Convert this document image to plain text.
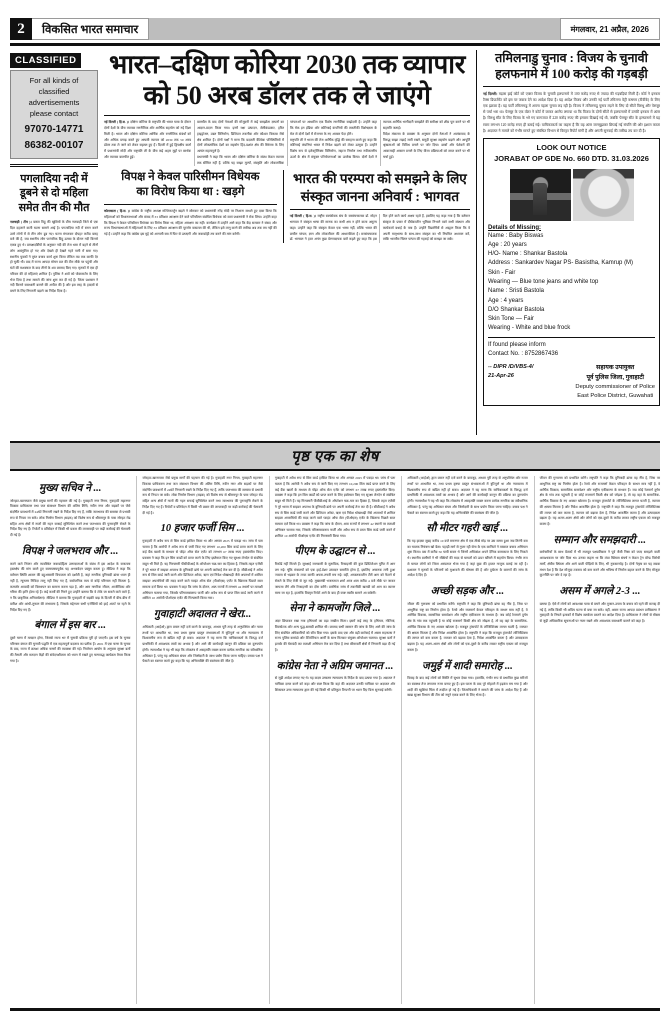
2	विकसित भारत समाचार	मंगलवार, 21 अप्रैल, 2026
CLASSIFIED
For all kinds of
classified
advertisements
please contact
97070-14771
86382-00107
पगलादिया नदी में डूबने से दो महिला समेत तीन की मौत
नलबाड़ी ( टीम )। बकरा विहू की खुशियों के बीच नलबाड़ी जिले से एक दिल दहलाने वाली घटना सामने आई है। पगलादिया नदी में स्नान करने उतरे लोगों में से तीन लोग डूब गए। घटना मंगलवार दोपहर करीब बारह बजे की है, जब स्थानीय लोग पारंपरिक बिहू उत्सव के दौरान नदी किनारे एकत्र हुए थे। प्रत्यक्षदर्शियों के अनुसार नदी की तेज धारा में बहने से तीनों लोग असंतुलित हो गए और देखते ही देखते गहरे पानी में समा गए। स्थानीय युवकों ने तुरंत बचाव कार्य शुरू किया लेकिन तब तक काफी देर हो चुकी थी। बाद में राज्य आपदा मोचन बल की टीम मौके पर पहुंची और घंटों की मशक्कत के बाद तीनों के शव बरामद किए गए। मृतकों में एक ही परिवार की दो महिलाएं शामिल हैं। पुलिस ने शवों को पोस्टमार्टम के लिए भेज दिया है तथा मामले की जांच शुरू कर दी गई है। जिला प्रशासन ने नदी किनारे सावधानी बरतने की अपील की है और इस तरह के हादसों से बचने के लिए निगरानी बढ़ाने का निर्देश दिया है।
भारत–दक्षिण कोरिया 2030 तक व्यापार
को 50 अरब डॉलर तक ले जाएंगे
नई दिल्ली ( हि.स. )। दक्षिण कोरिया के राष्ट्रपति की भारत यात्रा के दौरान दोनों देशों के बीच व्यापक रणनीतिक और आर्थिक सहयोग को नई दिशा मिली है। भारत और दक्षिण कोरिया आर्थिक और रणनीतिक संबंधों को और अधिक प्रगाढ़ करते हुए आपसी व्यापार को 2030 तक 50 अरब डॉलर तक ले जाने को लेकर सहमत हुए हैं। दिल्ली में हुई द्विपक्षीय वार्ता में प्रधानमंत्री मोदी और राष्ट्रपति ली के बीच कई अहम मुद्दों पर सार्थक और व्यापक बातचीत हुई।
बातचीत के बाद दोनों नेताओं की मौजूदगी में कई समझौता ज्ञापनों का आदान-प्रदान किया गया। इनमें रक्षा उत्पादन, सेमीकंडक्टर, हरित हाइड्रोजन, उन्नत विनिर्माण, डिजिटल तकनीक और कौशल विकास जैसे क्षेत्र शामिल हैं। दोनों पक्षों ने माना कि बदलती वैश्विक परिस्थितियों में दोनों लोकतांत्रिक देशों का सहयोग हिंद-प्रशांत क्षेत्र की स्थिरता के लिए अत्यंत महत्वपूर्ण है।
प्रधानमंत्री ने कहा कि भारत और दक्षिण कोरिया के संबंध केवल व्यापार तक सीमित नहीं हैं, बल्कि यह साझा मूल्यों, संस्कृति और लोकतांत्रिक परंपराओं पर आधारित एक विशेष रणनीतिक साझेदारी है। उन्होंने कहा कि मेक इन इंडिया और कोरियाई कंपनियों की तकनीकी विशेषज्ञता के मेल से दोनों देशों में रोजगार के नए अवसर पैदा होंगे।
राष्ट्रपति ली ने भारत की तेज आर्थिक वृद्धि की सराहना करते हुए कहा कि कोरियाई कंपनियां भारत में निवेश बढ़ाने को लेकर उत्सुक हैं। उन्होंने विशेष रूप से इलेक्ट्रॉनिक्स विनिर्माण, जहाज निर्माण तथा नवीकरणीय ऊर्जा के क्षेत्र में संयुक्त परियोजनाओं का उल्लेख किया। दोनों देशों ने व्यापक आर्थिक भागीदारी समझौते की समीक्षा को शीघ्र पूरा करने पर भी सहमति जताई।
विदेश मंत्रालय के प्रवक्ता के अनुसार दोनों नेताओं ने आतंकवाद के विरुद्ध साझा लड़ाई जारी रखने, समुद्री सुरक्षा सहयोग बढ़ाने और आपूर्ति श्रृंखलाओं को विविध बनाने पर जोर दिया। छात्रों और पेशेवरों की आवाजाही आसान बनाने के लिए वीजा प्रक्रियाओं को सरल करने पर भी चर्चा हुई।
विपक्ष ने केवल पारिसीमन विधेयक
का विरोध किया था : खड़गे
कोलकाता ( हि.स. )। कांग्रेस के राष्ट्रीय अध्यक्ष मल्लिकार्जुन खड़गे ने सोमवार को प्रधानमंत्री नरेंद्र मोदी पर निशाना साधते हुए दावा किया कि महिलाओं को विधानसभाओं और संसद में 33 प्रतिशत आरक्षण देने वाले परिसीमन संबंधित विधेयक को स्वयं प्रधानमंत्री ने रोक लिया। उन्होंने कहा कि विपक्ष ने केवल परिसीमन विधेयक का विरोध किया था, महिला आरक्षण का नहीं। कार्यक्रम में उन्होंने आगे कहा कि केंद्र सरकार ने संसद और राज्य विधानसभाओं में महिलाओं के लिए 33 प्रतिशत आरक्षण की पूरजोर वकालत की थी, लेकिन इसे लागू करने की तारीख अब तक तय नहीं की गई है। उन्होंने कहा कि कांग्रेस इस मुद्दे को आगामी सत्र में फिर से उठाएगी और जवाबदेही तय करने की मांग करेगी।
भारत की परम्परा को समझने के लिए
संस्कृत जानना अनिवार्य : भागवत
नई दिल्ली ( हि.स. )। राष्ट्रीय स्वयंसेवक संघ के सरसंघचालक डॉ. मोहन भागवत ने संस्कृत भाषा की मानक का कभी क्षय न होने वाला अमूल्य कहा। उन्होंने कहा कि संस्कृत केवल एक भाषा नहीं, बल्कि भारत की प्राचीन परंपरा, ज्ञान और लोकजीवन की आधारशिला है। सरसंघचालक डॉ. भागवत ने हाल अनंत कुछ प्रेरणादायक बातें कहते हुए कहा कि इस दिन होने वाले कार्य अक्षय रहते हैं, इसलिए यह कहा गया है कि वर्तमान संस्कृत के प्रचार में दीर्घकालीन भूमिका निभाने वाले सभी संस्थान और कार्यकर्ता बधाई के पात्र हैं। उन्होंने विद्यार्थियों से आह्वान किया कि वे अपनी मातृभाषा के साथ-साथ संस्कृत का भी नियमित अध्ययन करें, ताकि भारतीय चिंतन परंपरा की गहराई को समझा जा सके।
तमिलनाडु चुनाव : विजय के चुनावी
हलफनामे में 100 करोड़ की गड़बड़ी
नई दिल्ली। मद्रास हाई कोर्ट को एक्टर विजय के चुनावी हलफनामे में 100 करोड़ रुपए से ज्यादा की गड़बड़ियां मिली हैं। कोर्ट ने इनकम टैक्स डिपार्टमेंट को इस पर जवाब देने का आदेश दिया है। यह आदेश विजय और उनकी नई पार्टी तमिलगा वेट्री कषगम (टीवीके) के लिए एक झटका है। यह पार्टी तमिलनाडु में अपना पहला चुनाव लड़ रही है। विजय ने तमिलनाडु चुनाव लड़ने के लिए दो सीटों विरुधु और पेरम्बूर से पर्चा भरा था। पेरम्बूर के एक वोटर ने कोर्ट में जाकर आरोप लगाया था कि विजय के दोनों सीटों से हलफनामों में उनकी इनकम में अंतर है। विरुधु सीट के लिए विजय के भरे गए कागजात में 220 करोड़ रुपए की इनकम दिखाई गई थी, जबकि पेरम्बूर सीट के हलफनामे में यह रकम लगभग 120 करोड़ रुपए ही बताई गई। याचिकाकर्ता का कहना है कि यह अंतर जानबूझकर छिपाई गई संपत्ति की ओर इशारा करता है। अदालत ने मामले को गंभीर मानते हुए संबंधित विभाग से विस्तृत रिपोर्ट मांगी है और अगली सुनवाई की तारीख तय कर दी है।
LOOK OUT NOTICE
JORABAT OP GDE No. 660 DTD. 31.03.2026
Details of Missing:
Name : Baby Biswas
Age : 20 years
H/O- Name : Shankar Bastola
Address : Sankardev Nagar PS- Basistha, Kamrup (M)
Skin - Fair
Wearing — Blue tone jeans and white top
Name : Sristi Bastola
Age : 4 years
D/O Shankar Bastola
Skin Tone — Fair
Wearing - White and blue frock
If found please inform
Contact No. : 8752867436
-- DIPR /D/VBS-4/
21-Apr-26
सहायक उपायुक्त
पूर्व पुलिस जिला, गुवाहाटी
Deputy commissioner of Police
East Police District, Guwahati
पृष्ठ एक का शेष
मुख्य सचिव ने ...
जोरहाट-खानापारा जैसे प्रमुख मार्गों की पहचान की गई है। गुवाहाटी नगर निगम, गुवाहाटी महानगर विकास प्राधिकरण तथा जल संसाधन विभाग की अंतिम तिथि, नवीन नगर और सड़कों पर जैसे संदर्भित प्रावधानों में 24घंटे निगरानी रखने के निर्देश दिए गए हैं, ताकि जलभराव की समस्या से प्रभावी रूप से निपटा जा सके। लोक निर्माण विभाग (सड़क) को विशेष रूप से श्रीरामपुर के पास जोरहट रोड सहित अन्य क्षेत्रों में नालों की गहन सफाई सुनिश्चित करने तथा जलभराव की पुनरावृत्ति रोकने के निर्देश दिए गए हैं। रिपोर्टों व प्रतिवेदन में किसी भी प्रकार की लापरवाही पर कड़ी कार्रवाई की चेतावनी दी गई है।
विपक्ष ने जलभराव और ...
करने वाले निरंतर और व्यवस्थित जवाबदेहिता उत्तरदाताओं के संबंध में इस आदेश के सफलता हस्तक्षेप की मांग करते हुए सामाजस्यपूर्वक यह अभ्यावेदन प्रस्तुत करता हूं। मीडिया ने कहा कि वर्तमान स्थिति शासन की बहुआयामी विफलता को दर्शाती है, जहां नागरिक बुनियादी ढांचा ध्यान ही नहीं है, न्यूनतम निविदा लागू नहीं किए गए हैं, सार्वजनिक व्यय से कोई परिणाम नहीं मिलता है, कमजोर आबादी को विस्थापन का सामना करना पड़ा है, और आम नागरिक जीवन, आजीविका और गरिमा की हानि होता रहे हैं। कई कार्यों की गिरने हुए उन्होंने बताया कि वे टोके जा सकने वाले वाले हैं, न कि प्राकृतिक अनिवार्यताएं। मीडिया ने बताया कि गुवाहाटी में सड़की बाढ़ के दिल्ली में बीच-बीच में बारिश और आंधी-तूफान की संभावना है, जिसके मद्देनजर सभी एजेंसियों को हाई अलर्ट पर रहने के निर्देश दिए गए हैं।
बंगाल में इस बार ...
दूसरे चरण में मतदान होगा, जिससे राज्य भर में चुनावी प्रक्रिया पूरी हो जाएगी। इस वर्ष के चुनाव परिणाम बंगाल की चुनावी पद्धति में एक महत्वपूर्ण बदलाव का प्रतीक हैं। 2001 में एक चरण के चुनाव के बाद, राज्य में क्रमशः अधिक चरणों की व्यवस्था की गई। निर्वाचन आयोग के अनुसार सुरक्षा बलों की तैनाती और मतदान केंद्रों की संवेदनशीलता को ध्यान में रखते हुए चरणबद्ध कार्यक्रम तैयार किया गया है।
जोरहाट-खानापारा जैसे प्रमुख मार्गों की पहचान की गई है। गुवाहाटी नगर निगम, गुवाहाटी महानगर विकास प्राधिकरण तथा जल संसाधन विभाग की अंतिम तिथि, नवीन नगर और सड़कों पर जैसे संदर्भित प्रावधानों में 24घंटे निगरानी रखने के निर्देश दिए गए हैं, ताकि जलभराव की समस्या से प्रभावी रूप से निपटा जा सके। लोक निर्माण विभाग (सड़क) को विशेष रूप से श्रीरामपुर के पास जोरहट रोड सहित अन्य क्षेत्रों में नालों की गहन सफाई सुनिश्चित करने तथा जलभराव की पुनरावृत्ति रोकने के निर्देश दिए गए हैं। रिपोर्टों व प्रतिवेदन में किसी भी प्रकार की लापरवाही पर कड़ी कार्रवाई की चेतावनी दी गई है।
10 हजार फर्जी सिम ...
गुवाहाटी में अवैध रूप से सिम कार्ड हासिल किया था और अगस्त 2025 में पकड़ा था। जांच में पता चलता है कि आरोपी ने अवैध रूप से जारी किए गए लगभग 10,200 सिम कार्ड प्राप्त करने के लिए कई बैंक खातों के माध्यम से पॉइंट ऑफ सेल एजेंट को लगभग 67 लाख रुपए हस्तांतरित किए। प्रवक्ता ने कहा कि इन सिम कार्डों को प्राप्त करने के लिए इस्तेमाल किए गए सुरक्षा लेनदेन से संबंधित सबूत भी मिले हैं। यह गिरफ्तारी पीसीबीआई के ऑपरेशन चक्र-चार का हिस्सा है, जिसके तहत एजेंसी ने पूरे भारत में साइबर अपराध के बुनियादी ढांचे पर अपनी कार्रवाई तेज कर दी है। सीबीआई ने अवैध रूप से सिम कार्ड जारी करने और डिजिटल अरेस्ट, ऋण एवं निवेश धोखाधड़ी जैसे अपराधों में शामिल साइबर अपराधियों की मदद करने वाले प्वाइंट ऑफ सेल (पीओएस) एजेंट के खिलाफ पिछले साल मामला दर्ज किया था। प्रवक्ता ने कहा कि जांच के दौरान, आठ राज्यों में लगभग 42 स्थानों पर तलाशी अभियान चलाया गया, जिसके परिणामस्वरूप फर्जी और अवैध रूप से प्राप्त सिम कार्ड जारी करने में शामिल 10 आरोपी पीओएस एजेंट की गिरफ्तारी किया गया।
गुवाहाटी अदालत ने खेरा...
अधिकारी (आईओ) द्वारा बयान नहीं दर्ज करने के बावजूद, आधार पूरी तरह से अनुपस्थित और गलत तथ्यों पर आधारित था, तथा प्रथम दृष्टया प्रस्तुत संभावनाओं में त्रुटिपूर्ण था और न्यायालय में विश्वसनीय रूप से खंडित नहीं हो सका। अदालत ने यह माना कि याचिकाकर्ता के विरुद्ध दर्ज प्राथमिकी में आवश्यक तत्वों का अभाव है और आगे की कार्यवाही कानून की प्रक्रिया का दुरुपयोग होगी। न्यायाधीश ने यह भी कहा कि लोकतंत्र में असहमति व्यक्त करना प्रत्येक नागरिक का संवैधानिक अधिकार है, परंतु यह अधिकार संयम और जिम्मेदारी के साथ प्रयोग किया जाना चाहिए। बचाव पक्ष ने फैसले का स्वागत करते हुए कहा कि यह अभिव्यक्ति की स्वतंत्रता की जीत है।
गुवाहाटी में अवैध रूप से सिम कार्ड हासिल किया था और अगस्त 2025 में पकड़ा था। जांच में पता चलता है कि आरोपी ने अवैध रूप से जारी किए गए लगभग 10,200 सिम कार्ड प्राप्त करने के लिए कई बैंक खातों के माध्यम से पॉइंट ऑफ सेल एजेंट को लगभग 67 लाख रुपए हस्तांतरित किए। प्रवक्ता ने कहा कि इन सिम कार्डों को प्राप्त करने के लिए इस्तेमाल किए गए सुरक्षा लेनदेन से संबंधित सबूत भी मिले हैं। यह गिरफ्तारी पीसीबीआई के ऑपरेशन चक्र-चार का हिस्सा है, जिसके तहत एजेंसी ने पूरे भारत में साइबर अपराध के बुनियादी ढांचे पर अपनी कार्रवाई तेज कर दी है। सीबीआई ने अवैध रूप से सिम कार्ड जारी करने और डिजिटल अरेस्ट, ऋण एवं निवेश धोखाधड़ी जैसे अपराधों में शामिल साइबर अपराधियों की मदद करने वाले प्वाइंट ऑफ सेल (पीओएस) एजेंट के खिलाफ पिछले साल मामला दर्ज किया था। प्रवक्ता ने कहा कि जांच के दौरान, आठ राज्यों में लगभग 42 स्थानों पर तलाशी अभियान चलाया गया, जिसके परिणामस्वरूप फर्जी और अवैध रूप से प्राप्त सिम कार्ड जारी करने में शामिल 10 आरोपी पीओएस एजेंट की गिरफ्तारी किया गया।
पीएम के उद्घाटन से ...
रिकॉर्ड नहीं मिलते हैं। सुरक्षाई जानकारी के मुताबिक, रिफाइनरी की कुल डिस्टिलेशन यूनिट में आग लग गई। चूंकि मंत्रालयों को एक हाई-प्रेशर उत्पादन समाप्ति होना है, इसलिए अचानक लगी हुआ ज्वाला से भड़कर के लपट काफी अफरा-तफरी मच गई। वहीं, आपातकालीन टीमें आग को फैलने से रोकने के लिए तेजी से जुट गईं। मुख्यमंत्री भजनलाल शर्मा आज शाम करीब 4 बजे मौके पर जाकर जायजा लेंगे और रिफाइनरी का दौरा करेंगे। प्रारंभिक जांच में तकनीकी खराबी को आग का कारण माना जा रहा है, हालांकि विस्तृत रिपोर्ट आने के बाद ही स्पष्ट तस्वीर सामने आ सकेगी।
सेना ने कामजोंग जिले ...
अंदर छिपाकर रखा गया हथियारों का बड़ा जखीरा मिला। इसमें कई तरह के हथियार, गोलियां, विस्फोटक और अन्य युद्ध-सामग्री शामिल थी। बरामद सभी सामान की जांच के लिए आगे की जांच के लिए संबंधित अधिकारियों को सौंप दिया गया। इसके बाद एक और बड़ी कार्रवाई में असम राइफल्स ने राज्य पुलिस कमांडो और टेरिटोरियल आर्मी के साथ मिलकर संयुक्त ऑपरेशन चलाया। सुरक्षा बलों ने इलाके की घेराबंदी कर तलाशी अभियान तेज कर दिया है तथा सीमावर्ती क्षेत्रों में निगरानी बढ़ा दी गई है।
कांग्रेस नेता ने अग्रिम जमानत ...
से जुड़ी आदेश लगाए गए थे। यह कदम उच्चतम न्यायालय के निर्देश के बाद उठाया गया है। अदालत ने याचिका दायर करने को कहा और स्पष्ट किया कि वहां की अदालत उनकी याचिका पर अदालत और शिकायत उच्च न्यायालय द्वारा की गई किसी भी प्रतिकूल टिप्पणी पर ध्यान दिए बिना सुनवाई करेगी।
अधिकारी (आईओ) द्वारा बयान नहीं दर्ज करने के बावजूद, आधार पूरी तरह से अनुपस्थित और गलत तथ्यों पर आधारित था, तथा प्रथम दृष्टया प्रस्तुत संभावनाओं में त्रुटिपूर्ण था और न्यायालय में विश्वसनीय रूप से खंडित नहीं हो सका। अदालत ने यह माना कि याचिकाकर्ता के विरुद्ध दर्ज प्राथमिकी में आवश्यक तत्वों का अभाव है और आगे की कार्यवाही कानून की प्रक्रिया का दुरुपयोग होगी। न्यायाधीश ने यह भी कहा कि लोकतंत्र में असहमति व्यक्त करना प्रत्येक नागरिक का संवैधानिक अधिकार है, परंतु यह अधिकार संयम और जिम्मेदारी के साथ प्रयोग किया जाना चाहिए। बचाव पक्ष ने फैसले का स्वागत करते हुए कहा कि यह अभिव्यक्ति की स्वतंत्रता की जीत है।
सौ मीटर गहरी खाई ...
कि यह हादसा सुबह करीब 10 बजे रामनगर क्षेत्र में एक तीखे मोड़ पर उस समय हुआ जब तिरंगी वस का चालक नियंत्रण खो बैठा। पहाड़ी मार्ग से गुजर रही सेना के एक काफिले ने तत्काल बचाव अभियान शुरू किया। बस में करीब 50 यात्री सवार थे जिनमें अधिकांश अपने दैनिक कामकाज के लिए निकले थे। स्थानीय ग्रामीणों ने भी रस्सियों की मदद से घायलों को ऊपर खींचने में सहयोग किया। गंभीर रूप से घायल लोगों को जिला अस्पताल भेजा गया है जहां कुछ की हालत नाजुक बताई जा रही है। प्रशासन ने मृतकों के परिजनों को मुआवजे की घोषणा की है और दुर्घटना के कारणों की जांच के आदेश दे दिए हैं।
अच्छी सड़क और ...
जीवन की गुणवत्ता को प्रभावित करेंगे। राष्ट्रपति ने कहा कि बुनियादी ढांचा वह नींव है, जिस पर आधुनिक राष्ट्र का निर्माण होता है। रेलवे और राजमार्ग केवल परिवहन के साधन मात्र नहीं है, वे आर्थिक विकास, सामाजिक समावेशन और राष्ट्रीय एकीकरण के माध्यम हैं। जब कोई रेलमार्ग दुर्गम क्षेत्र के गांव तक पहुंचती है या कोई राजमार्ग किसी क्षेत्र को जोड़ता है, तो वह वहां के सामाजिक-आर्थिक विकास के नए अवसर खोलता है। मजबूत ट्रांसपोर्ट के लॉजिस्टिक्स लागत घटती है, व्यापार की क्षमता मिलता है और निवेश आकर्षित होता है। राष्ट्रपति ने कहा कि मजबूत ट्रांसपोर्ट लॉजिस्टिक्स की लागत को कम करता है, व्यापार को बढ़ावा देता है, निवेश आकर्षित करता है और उत्पादकता बढ़ाता है। यह अलग-अलग क्षेत्रों और लोगों को एक-दूसरे के करीब लाकर राष्ट्रीय एकता को मजबूत करता है।
जमुई में शादी समारोह ...
विवाह के बाद कई लोगों को स्थिति में सुधार देखा गया। हालांकि, गंभीर रूप से प्रभावित कुछ मरीजों का स्वास्थ्य तेज लगातार नजर बनाए हुए हैं। इस घटना के बाद पूरे मोहल्ले में हड़कंप मच गया है और शादी की खुशियां चिंता में तब्दील हो गई हैं। जिलाधिकारी ने मामले की जांच के आदेश दिए हैं और खाद्य सुरक्षा विभाग की टीम को नमूने एकत्र करने के लिए भेजा है।
जीवन की गुणवत्ता को प्रभावित करेंगे। राष्ट्रपति ने कहा कि बुनियादी ढांचा वह नींव है, जिस पर आधुनिक राष्ट्र का निर्माण होता है। रेलवे और राजमार्ग केवल परिवहन के साधन मात्र नहीं है, वे आर्थिक विकास, सामाजिक समावेशन और राष्ट्रीय एकीकरण के माध्यम हैं। जब कोई रेलमार्ग दुर्गम क्षेत्र के गांव तक पहुंचती है या कोई राजमार्ग किसी क्षेत्र को जोड़ता है, तो वह वहां के सामाजिक-आर्थिक विकास के नए अवसर खोलता है। मजबूत ट्रांसपोर्ट के लॉजिस्टिक्स लागत घटती है, व्यापार की क्षमता मिलता है और निवेश आकर्षित होता है। राष्ट्रपति ने कहा कि मजबूत ट्रांसपोर्ट लॉजिस्टिक्स की लागत को कम करता है, व्यापार को बढ़ावा देता है, निवेश आकर्षित करता है और उत्पादकता बढ़ाता है। यह अलग-अलग क्षेत्रों और लोगों को एक-दूसरे के करीब लाकर राष्ट्रीय एकता को मजबूत करता है।
सम्मान और समझदारी ...
कर्मचारियों के साथ बैठकों में भी मजबूत पक्षप्रतिकार ने पूर्व जैसी निष्ठा को जल्द समझने वाली आवश्यकता पर जोर दिया था। उनका कहना था कि लंबा खिंचता संघर्ष न केवल ट्रेन बॉन्ड विरोधी मार्गों, क्षेत्रीय स्थिरता और आगे बाली पीढ़ियों के लिए, भी नुकसानदेह है। दोनों नेतृत्व का यह सबक मंथन देश है कि देश मौजूदा टकराव को कम करने और भविष्य में निर्माण बहाल करने के लिए मौजूदा कूटनीति पर जोर दे रहा है।
असम में अगले 2-3 ...
बताया है। ऐसे में लोगों को आवश्यक यात्रा से बचने और तूफान-उपाय के बचाव को रहने की सलाह दी गई है, ताकि किसी भी अप्रिय घटना से बचा जा सके। वहीं, असम राज्य आपदा प्रबंधन प्राधिकरण ने गुवाहाटी के निचले इलाकों में विशेष सतर्कता बरतने का आदेश दिया है। प्राधिकरण ने लोगों से मौसम से जुड़ी अधिकारिक सूचनाओं पर नजर रखने और आवश्यक सावधानी बरतने को कहा है।
